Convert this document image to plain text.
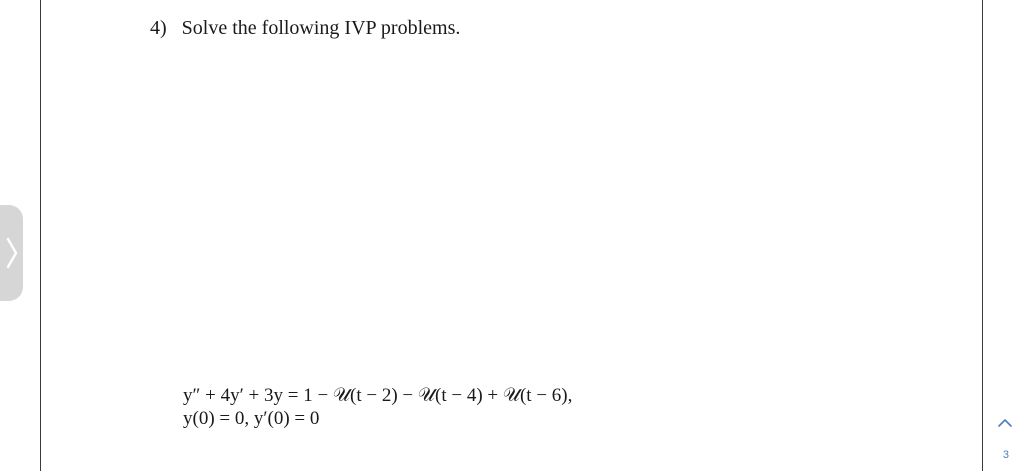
4) Solve the following IVP problems.
y″ + 4y′ + 3y = 1 − 𝒰(t − 2) − 𝒰(t − 4) + 𝒰(t − 6),
y(0) = 0, y′(0) = 0
3
